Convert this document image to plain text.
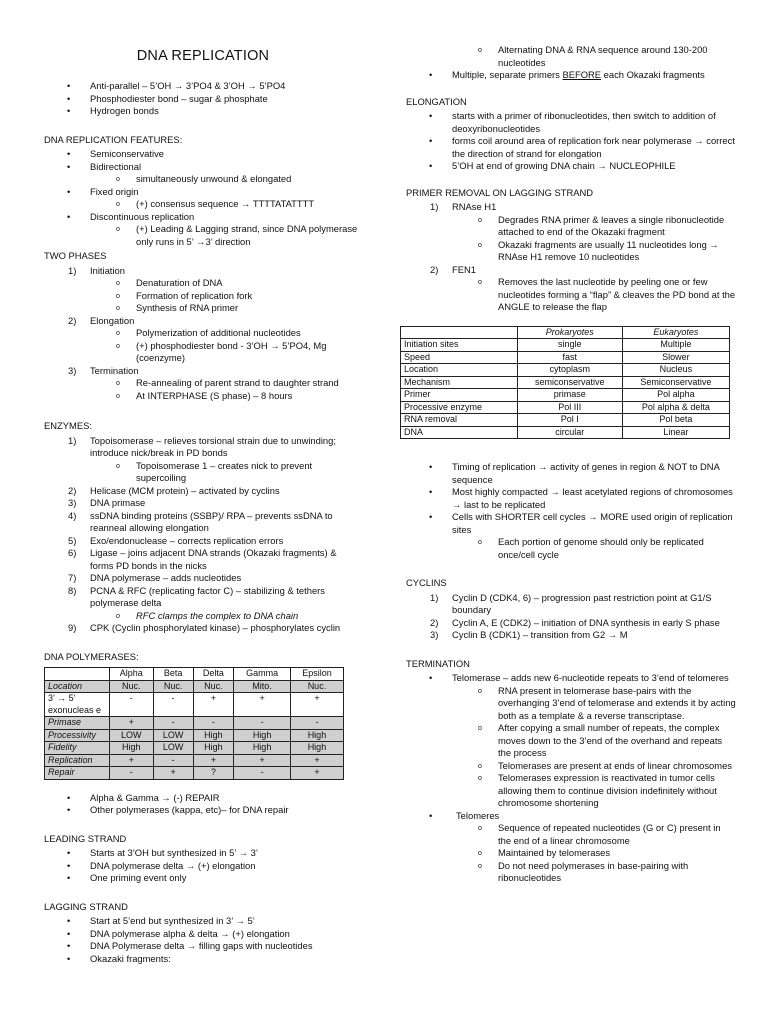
DNA REPLICATION
• Anti-parallel – 5’OH → 3’PO4 & 3’OH → 5’PO4
• Phosphodiester bond – sugar & phosphate
• Hydrogen bonds
DNA REPLICATION FEATURES:
• Semiconservative
• Bidirectional
o simultaneously unwound & elongated
• Fixed origin
o (+) consensus sequence → TTTTATATTTT
• Discontinuous replication
o (+) Leading & Lagging strand, since DNA polymerase only runs in 5’ →3’ direction
TWO PHASES
1) Initiation
o Denaturation of DNA
o Formation of replication fork
o Synthesis of RNA primer
2) Elongation
o Polymerization of additional nucleotides
o (+) phosphodiester bond - 3’OH → 5’PO4, Mg (coenzyme)
3) Termination
o Re-annealing of parent strand to daughter strand
o At INTERPHASE (S phase) – 8 hours
ENZYMES:
1) Topoisomerase – relieves torsional strain due to unwinding; introduce nick/break in PD bonds
o Topoisomerase 1 – creates nick to prevent supercoiling
2) Helicase (MCM protein) – activated by cyclins
3) DNA primase
4) ssDNA binding proteins (SSBP)/ RPA – prevents ssDNA to reanneal allowing elongation
5) Exo/endonuclease – corrects replication errors
6) Ligase – joins adjacent DNA strands (Okazaki fragments) & forms PD bonds in the nicks
7) DNA polymerase – adds nucleotides
8) PCNA & RFC (replicating factor C) – stabilizing & tethers polymerase delta
o RFC clamps the complex to DNA chain
9) CPK (Cyclin phosphorylated kinase) – phosphorylates cyclin
DNA POLYMERASES:
	Alpha	Beta	Delta	Gamma	Epsilon
Location	Nuc.	Nuc.	Nuc.	Mito.	Nuc.
3’ → 5’ exonucleas e	-	-	+	+	+
Primase	+	-	-	-	-
Processivity	LOW	LOW	High	High	High
Fidelity	High	LOW	High	High	High
Replication	+	-	+	+	+
Repair	-	+	?	-	+
• Alpha & Gamma → (-) REPAIR
• Other polymerases (kappa, etc)– for DNA repair
LEADING STRAND
• Starts at 3’OH but synthesized in 5’ → 3’
• DNA polymerase delta → (+) elongation
• One priming event only
LAGGING STRAND
• Start at 5’end but synthesized in 3’ → 5’
• DNA polymerase alpha & delta → (+) elongation
• DNA Polymerase delta → filling gaps with nucleotides
• Okazaki fragments:
o Alternating DNA & RNA sequence around 130-200 nucleotides
• Multiple, separate primers BEFORE each Okazaki fragments
ELONGATION
• starts with a primer of ribonucleotides, then switch to addition of deoxyribonucleotides
• forms coil around area of replication fork near polymerase → correct the direction of strand for elongation
• 5’OH at end of growing DNA chain → NUCLEOPHILE
PRIMER REMOVAL ON LAGGING STRAND
1) RNAse H1
o Degrades RNA primer & leaves a single ribonucleotide attached to end of the Okazaki fragment
o Okazaki fragments are usually 11 nucleotides long → RNAse H1 remove 10 nucleotides
2) FEN1
o Removes the last nucleotide by peeling one or few nucleotides forming a “flap” & cleaves the PD bond at the ANGLE to release the flap
	Prokaryotes	Eukaryotes
Initiation sites	single	Multiple
Speed	fast	Slower
Location	cytoplasm	Nucleus
Mechanism	semiconservative	Semiconservative
Primer	primase	Pol alpha
Processive enzyme	Pol III	Pol alpha & delta
RNA removal	Pol I	Pol beta
DNA	circular	Linear
• Timing of replication → activity of genes in region & NOT to DNA sequence
• Most highly compacted → least acetylated regions of chromosomes → last to be replicated
• Cells with SHORTER cell cycles → MORE used origin of replication sites
o Each portion of genome should only be replicated once/cell cycle
CYCLINS
1) Cyclin D (CDK4, 6) – progression past restriction point at G1/S boundary
2) Cyclin A, E (CDK2) – initiation of DNA synthesis in early S phase
3) Cyclin B (CDK1) – transition from G2 → M
TERMINATION
• Telomerase – adds new 6-nucleotide repeats to 3’end of telomeres
o RNA present in telomerase base-pairs with the overhanging 3’end of telomerase and extends it by acting both as a template & a reverse transcriptase.
o After copying a small number of repeats, the complex moves down to the 3’end of the overhand and repeats the process
o Telomerases are present at ends of linear chromosomes
o Telomerases expression is reactivated in tumor cells allowing them to continue division indefinitely without chromosome shortening
• Telomeres
o Sequence of repeated nucleotides (G or C) present in the end of a linear chromosome
o Maintained by telomerases
o Do not need polymerases in base-pairing with ribonucleotides
